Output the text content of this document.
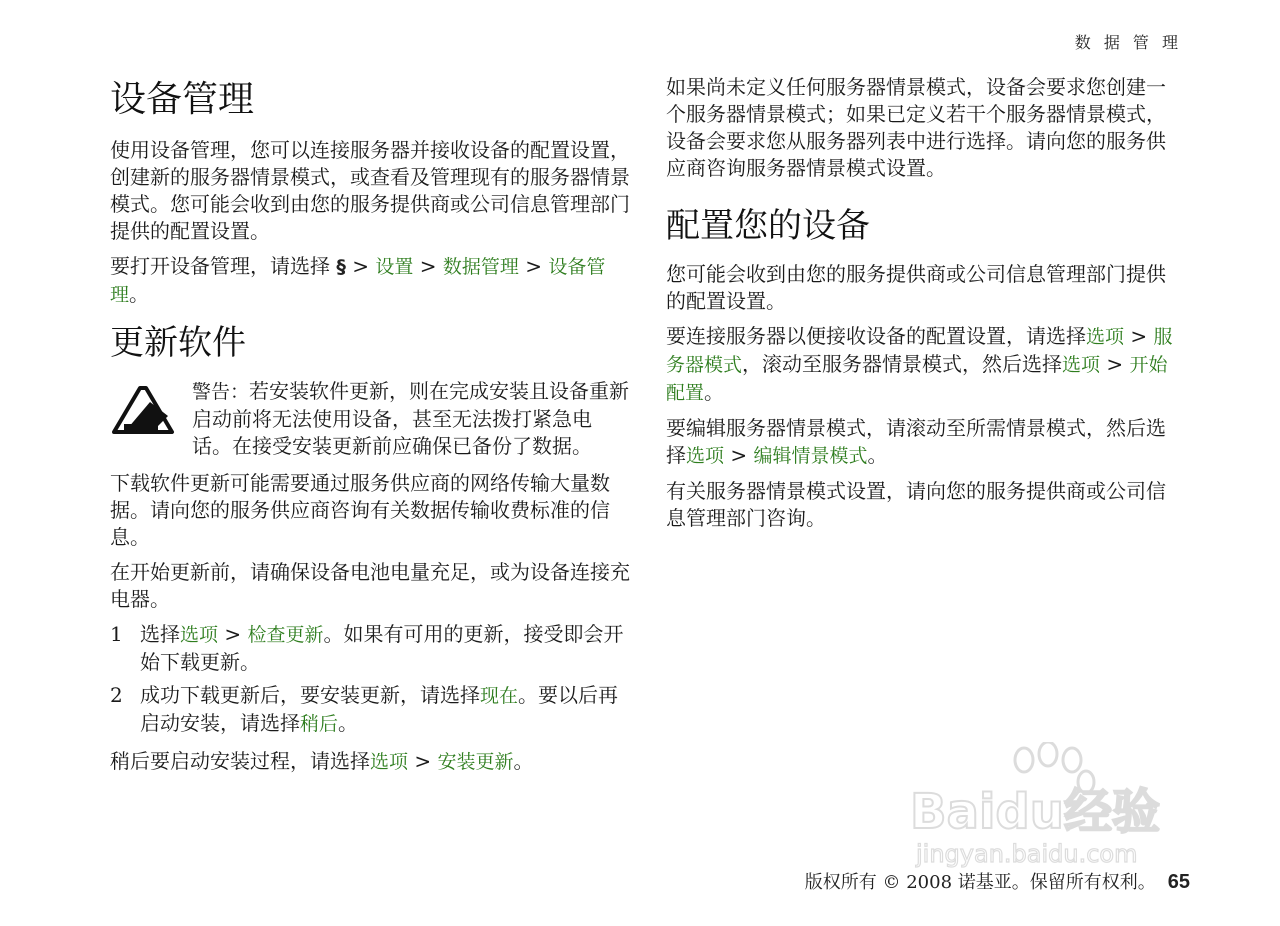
数 据 管 理
设备管理

使用设备管理，您可以连接服务器并接收设备的配置设置，创建新的服务器情景模式，或查看及管理现有的服务器情景模式。您可能会收到由您的服务提供商或公司信息管理部门提供的配置设置。

要打开设备管理，请选择 § > 设置 > 数据管理 > 设备管理。

更新软件

警告：若安装软件更新，则在完成安装且设备重新启动前将无法使用设备，甚至无法拨打紧急电话。在接受安装更新前应确保已备份了数据。

下载软件更新可能需要通过服务供应商的网络传输大量数据。请向您的服务供应商咨询有关数据传输收费标准的信息。

在开始更新前，请确保设备电池电量充足，或为设备连接充电器。

1 选择选项 > 检查更新。如果有可用的更新，接受即会开始下载更新。
2 成功下载更新后，要安装更新，请选择现在。要以后再启动安装，请选择稍后。

稍后要启动安装过程，请选择选项 > 安装更新。

如果尚未定义任何服务器情景模式，设备会要求您创建一个服务器情景模式；如果已定义若干个服务器情景模式，设备会要求您从服务器列表中进行选择。请向您的服务供应商咨询服务器情景模式设置。

配置您的设备

您可能会收到由您的服务提供商或公司信息管理部门提供的配置设置。

要连接服务器以便接收设备的配置设置，请选择选项 > 服务器模式，滚动至服务器情景模式，然后选择选项 > 开始配置。

要编辑服务器情景模式，请滚动至所需情景模式，然后选择选项 > 编辑情景模式。

有关服务器情景模式设置，请向您的服务提供商或公司信息管理部门咨询。

Baidu经验
jingyan.baidu.com
版权所有 © 2008 诺基亚。保留所有权利。 65
